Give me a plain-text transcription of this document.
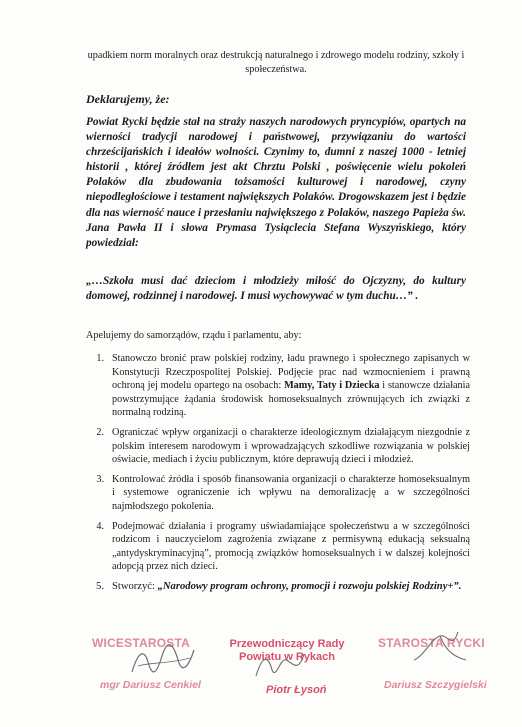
upadkiem norm moralnych oraz destrukcją naturalnego i zdrowego modelu rodziny, szkoły i społeczeństwa.
Deklarujemy, że:
Powiat Rycki będzie stał na straży naszych narodowych pryncypiów, opartych na wierności tradycji narodowej i państwowej, przywiązaniu do wartości chrześcijańskich i ideałów wolności. Czynimy to, dumni z naszej 1000 - letniej historii , której źródłem jest akt Chrztu Polski , poświęcenie wielu pokoleń Polaków dla zbudowania tożsamości kulturowej i narodowej, czyny niepodległościowe i testament największych Polaków. Drogowskazem jest i będzie dla nas wierność nauce i przesłaniu największego z Polaków, naszego Papieża św. Jana Pawła II i słowa Prymasa Tysiąclecia Stefana Wyszyńskiego, który powiedział:
„…Szkoła musi dać dzieciom i młodzieży miłość do Ojczyzny, do kultury domowej, rodzinnej i narodowej. I musi wychowywać w tym duchu…” .
Apelujemy do samorządów, rządu i parlamentu, aby:
1. Stanowczo bronić praw polskiej rodziny, ładu prawnego i społecznego zapisanych w Konstytucji Rzeczpospolitej Polskiej. Podjęcie prac nad wzmocnieniem i prawną ochroną jej modelu opartego na osobach: Mamy, Taty i Dziecka i stanowcze działania powstrzymujące żądania środowisk homoseksualnych zrównujących ich związki z normalną rodziną.
2. Ograniczać wpływ organizacji o charakterze ideologicznym działającym niezgodnie z polskim interesem narodowym i wprowadzających szkodliwe rozwiązania w polskiej oświacie, mediach i życiu publicznym, które deprawują dzieci i młodzież.
3. Kontrolować źródła i sposób finansowania organizacji o charakterze homoseksualnym i systemowe ograniczenie ich wpływu na demoralizację a w szczególności najmłodszego pokolenia.
4. Podejmować działania i programy uświadamiające społeczeństwu a w szczególności rodzicom i nauczycielom zagrożenia związane z permisywną edukacją seksualną „antydyskryminacyjną”, promocją związków homoseksualnych i w dalszej kolejności adopcją przez nich dzieci.
5. Stworzyć: „Narodowy program ochrony, promocji i rozwoju polskiej Rodziny+”.
WICESTAROSTA
mgr Dariusz Cenkiel
Przewodniczący Rady Powiatu w Rykach
Piotr Łysoń
STAROSTA RYCKI
Dariusz Szczygielski
